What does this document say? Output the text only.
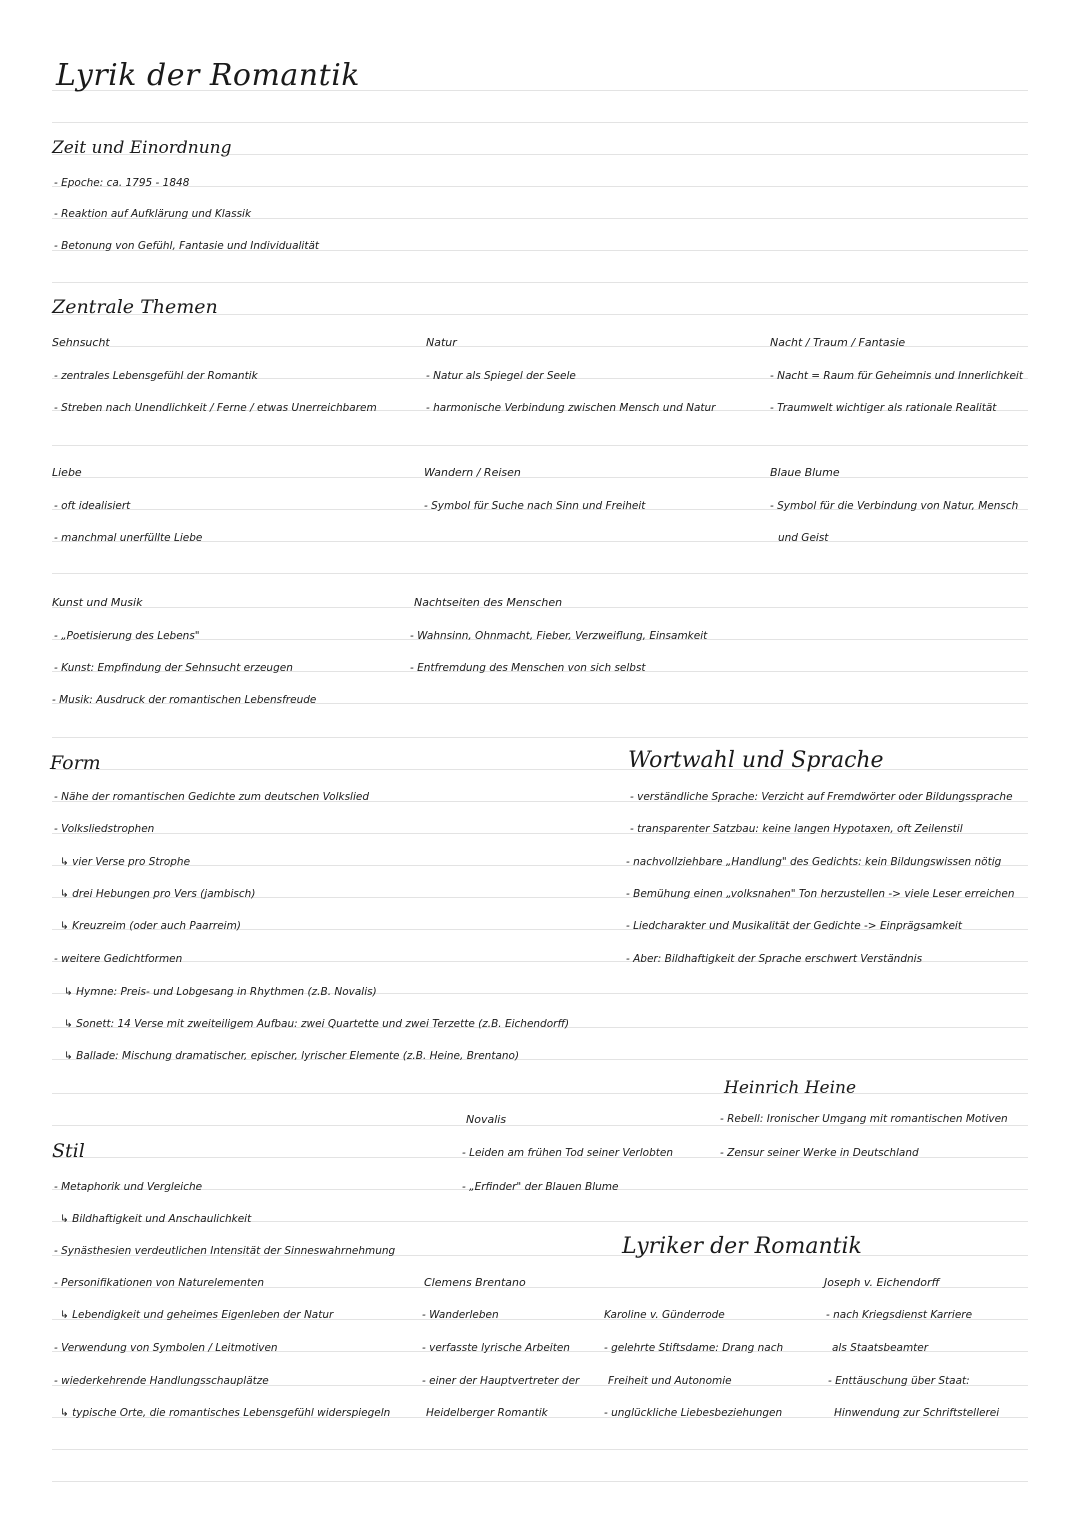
Lyrik der Romantik
Zeit und Einordnung
- Epoche: ca. 1795 - 1848
- Reaktion auf Aufklärung und Klassik
- Betonung von Gefühl, Fantasie und Individualität
Zentrale Themen
Sehnsucht
- zentrales Lebensgefühl der Romantik
- Streben nach Unendlichkeit / Ferne / etwas Unerreichbarem
Natur
- Natur als Spiegel der Seele
- harmonische Verbindung zwischen Mensch und Natur
Nacht / Traum / Fantasie
- Nacht = Raum für Geheimnis und Innerlichkeit
- Traumwelt wichtiger als rationale Realität
Liebe
- oft idealisiert
- manchmal unerfüllte Liebe
Wandern / Reisen
- Symbol für Suche nach Sinn und Freiheit
Blaue Blume
- Symbol für die Verbindung von Natur, Mensch
und Geist
Kunst und Musik
- „Poetisierung des Lebens"
- Kunst: Empfindung der Sehnsucht erzeugen
- Musik: Ausdruck der romantischen Lebensfreude
Nachtseiten des Menschen
- Wahnsinn, Ohnmacht, Fieber, Verzweiflung, Einsamkeit
- Entfremdung des Menschen von sich selbst
Form
- Nähe der romantischen Gedichte zum deutschen Volkslied
- Volksliedstrophen
↳ vier Verse pro Strophe
↳ drei Hebungen pro Vers (jambisch)
↳ Kreuzreim (oder auch Paarreim)
- weitere Gedichtformen
↳ Hymne: Preis- und Lobgesang in Rhythmen (z.B. Novalis)
↳ Sonett: 14 Verse mit zweiteiligem Aufbau: zwei Quartette und zwei Terzette (z.B. Eichendorff)
↳ Ballade: Mischung dramatischer, epischer, lyrischer Elemente (z.B. Heine, Brentano)
Wortwahl und Sprache
- verständliche Sprache: Verzicht auf Fremdwörter oder Bildungssprache
- transparenter Satzbau: keine langen Hypotaxen, oft Zeilenstil
- nachvollziehbare „Handlung" des Gedichts: kein Bildungswissen nötig
- Bemühung einen „volksnahen" Ton herzustellen -> viele Leser erreichen
- Liedcharakter und Musikalität der Gedichte -> Einprägsamkeit
- Aber: Bildhaftigkeit der Sprache erschwert Verständnis
Stil
- Metaphorik und Vergleiche
↳ Bildhaftigkeit und Anschaulichkeit
- Synästhesien verdeutlichen Intensität der Sinneswahrnehmung
- Personifikationen von Naturelementen
↳ Lebendigkeit und geheimes Eigenleben der Natur
- Verwendung von Symbolen / Leitmotiven
- wiederkehrende Handlungsschauplätze
↳ typische Orte, die romantisches Lebensgefühl widerspiegeln
Heinrich Heine
- Rebell: Ironischer Umgang mit romantischen Motiven
- Zensur seiner Werke in Deutschland
Novalis
- Leiden am frühen Tod seiner Verlobten
- „Erfinder" der Blauen Blume
Lyriker der Romantik
Clemens Brentano
- Wanderleben
- verfasste lyrische Arbeiten
- einer der Hauptvertreter der
Heidelberger Romantik
Karoline v. Günderrode
- gelehrte Stiftsdame: Drang nach
Freiheit und Autonomie
- unglückliche Liebesbeziehungen
Joseph v. Eichendorff
- nach Kriegsdienst Karriere
als Staatsbeamter
- Enttäuschung über Staat:
Hinwendung zur Schriftstellerei
